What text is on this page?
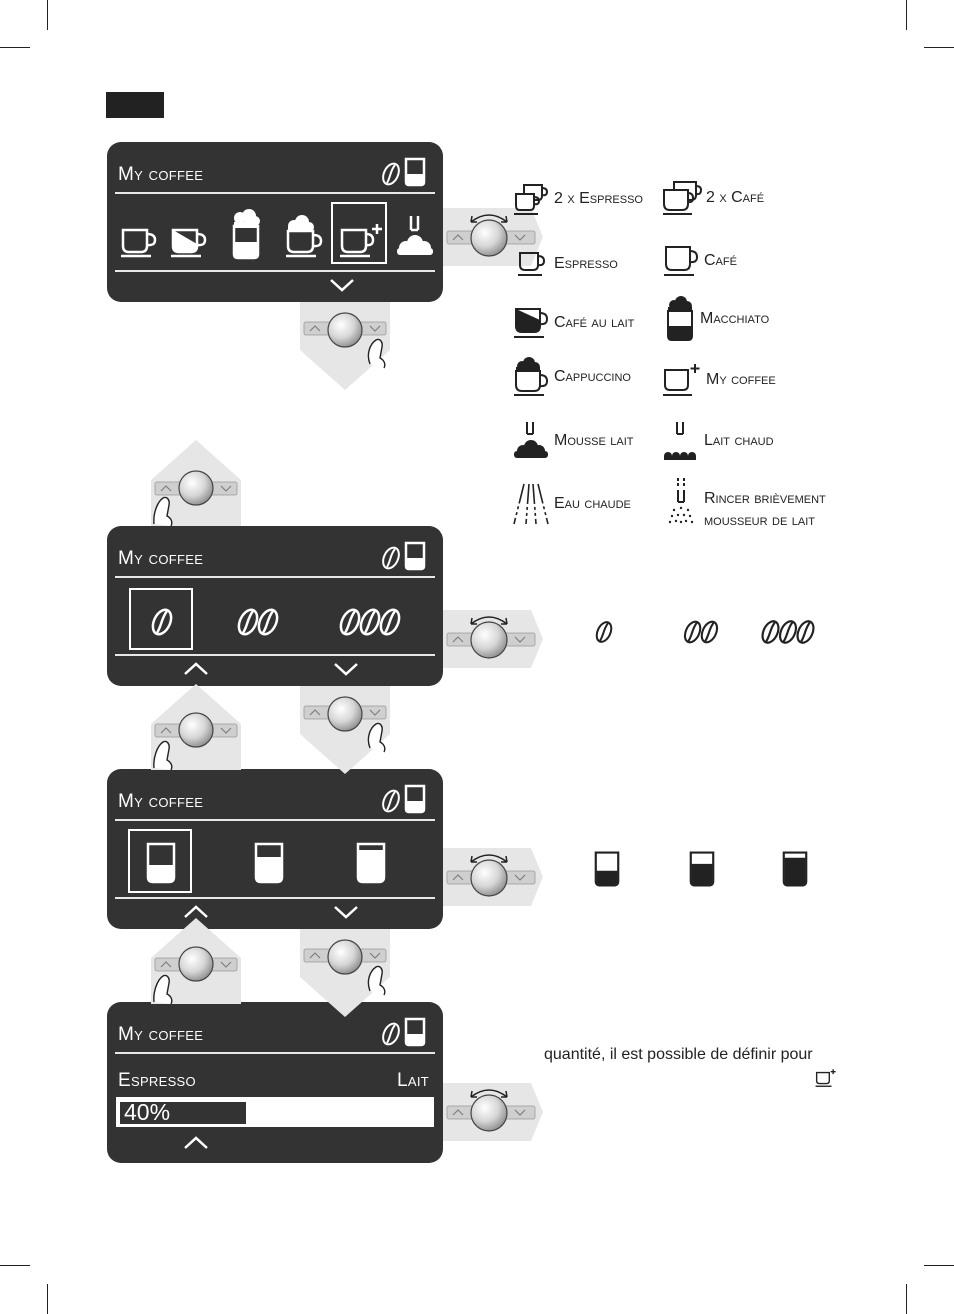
My coffee
My coffee
My coffee
My coffee
Espresso	Lait
40%
2 x Espresso	2 x Café
Espresso	Café
Café au lait	Macchiato
Cappuccino	My coffee
Mousse lait	Lait chaud
Eau chaude	Rincer brièvement
mousseur de lait
quantité, il est possible de définir pour
